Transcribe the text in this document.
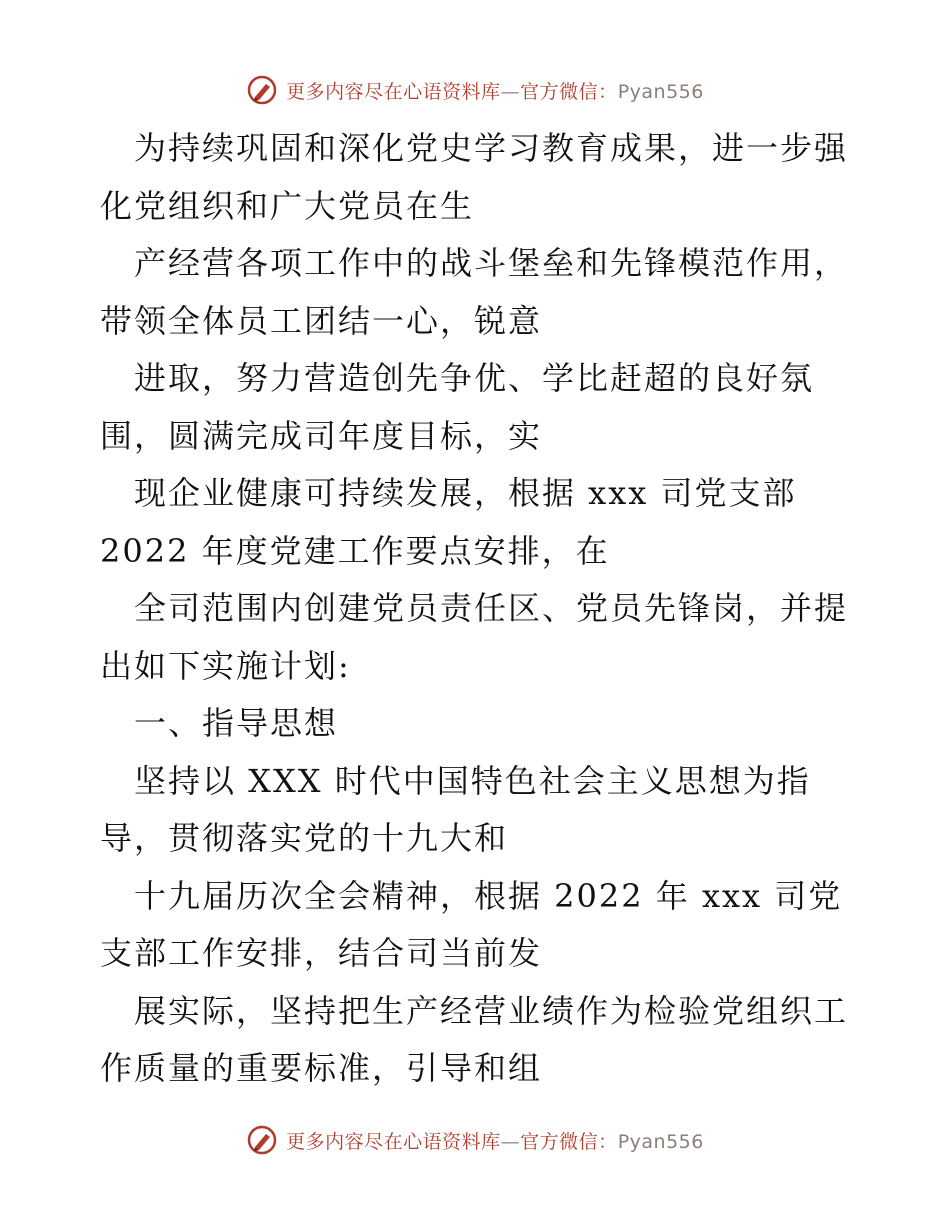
更多内容尽在心语资料库—官方微信：Pyan556
为持续巩固和深化党史学习教育成果，进一步强
化党组织和广大党员在生
产经营各项工作中的战斗堡垒和先锋模范作用，
带领全体员工团结一心，锐意
进取，努力营造创先争优、学比赶超的良好氛
围，圆满完成司年度目标，实
现企业健康可持续发展，根据 xxx 司党支部
2022 年度党建工作要点安排，在
全司范围内创建党员责任区、党员先锋岗，并提
出如下实施计划:
一、指导思想
坚持以 XXX 时代中国特色社会主义思想为指
导，贯彻落实党的十九大和
十九届历次全会精神，根据 2022 年 xxx 司党
支部工作安排，结合司当前发
展实际，坚持把生产经营业绩作为检验党组织工
作质量的重要标准，引导和组
更多内容尽在心语资料库—官方微信：Pyan556
